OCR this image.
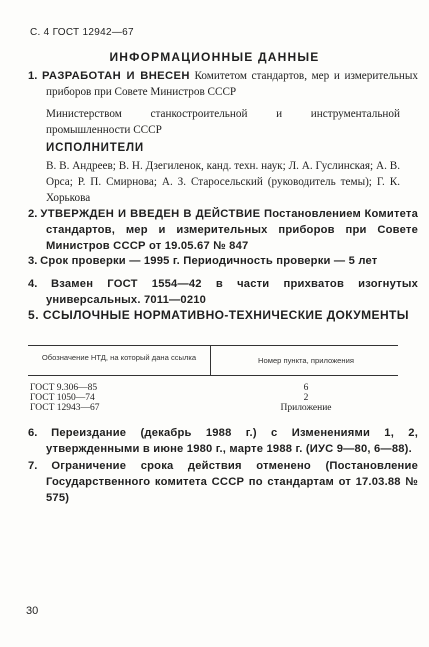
С. 4 ГОСТ 12942—67
ИНФОРМАЦИОННЫЕ ДАННЫЕ
1. РАЗРАБОТАН И ВНЕСЕН Комитетом стандартов, мер и измерительных приборов при Совете Министров СССР
Министерством станкостроительной и инструментальной промышленности СССР
ИСПОЛНИТЕЛИ
В. В. Андреев; В. Н. Дзегиленок, канд. техн. наук; Л. А. Гуслинская; А. В. Орса; Р. П. Смирнова; А. З. Старосельский (руководитель темы); Г. К. Хорькова
2. УТВЕРЖДЕН И ВВЕДЕН В ДЕЙСТВИЕ Постановлением Комитета стандартов, мер и измерительных приборов при Совете Министров СССР от 19.05.67 № 847
3. Срок проверки — 1995 г. Периодичность проверки — 5 лет
4. Взамен ГОСТ 1554—42 в части прихватов изогнутых универсальных. 7011—0210
5. ССЫЛОЧНЫЕ НОРМАТИВНО-ТЕХНИЧЕСКИЕ ДОКУМЕНТЫ
Обозначение НТД, на который дана ссылка	Номер пункта, приложения
ГОСТ 9.306—85	6
ГОСТ 1050—74	2
ГОСТ 12943—67	Приложение
6. Переиздание (декабрь 1988 г.) с Изменениями 1, 2, утвержденными в июне 1980 г., марте 1988 г. (ИУС 9—80, 6—88).
7. Ограничение срока действия отменено (Постановление Государственного комитета СССР по стандартам от 17.03.88 № 575)
30
